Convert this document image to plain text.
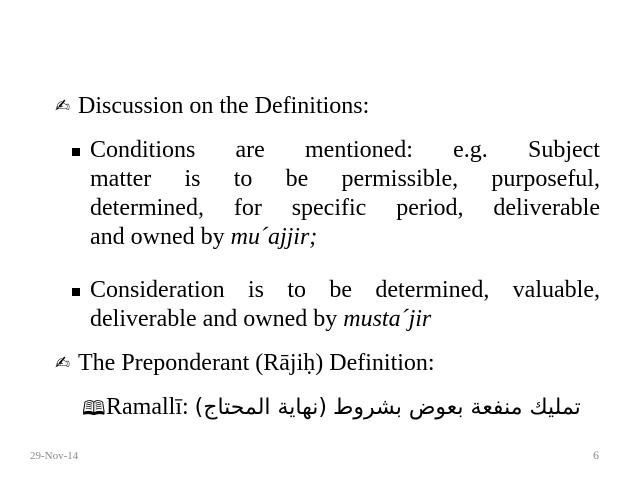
✍ Discussion on the Definitions:
Conditions are mentioned: e.g. Subject
matter is to be permissible, purposeful,
determined, for specific period, deliverable
and owned by mu´ajjir;
Consideration is to be determined, valuable,
deliverable and owned by musta´jir
✍ The Preponderant (Rājiḥ) Definition:
🕮 Ramallī:	تمليك منفعة بعوض بشروط (نهاية المحتاج)
29-Nov-14	6
